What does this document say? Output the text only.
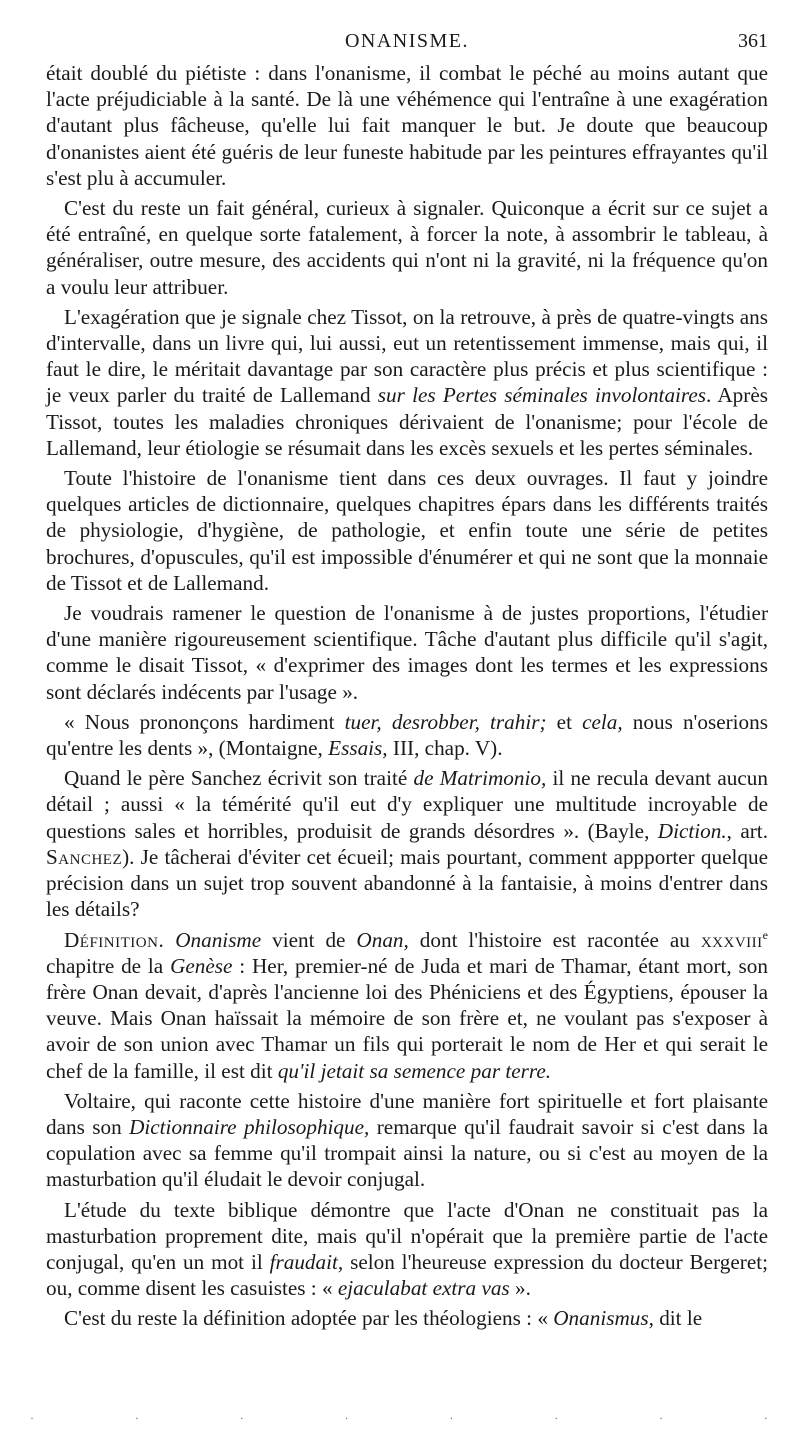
ONANISME.	361

était doublé du piétiste : dans l'onanisme, il combat le péché au moins autant que l'acte préjudiciable à la santé. De là une véhémence qui l'entraîne à une exagération d'autant plus fâcheuse, qu'elle lui fait manquer le but. Je doute que beaucoup d'onanistes aient été guéris de leur funeste habitude par les peintures effrayantes qu'il s'est plu à accumuler.

C'est du reste un fait général, curieux à signaler. Quiconque a écrit sur ce sujet a été entraîné, en quelque sorte fatalement, à forcer la note, à assombrir le tableau, à généraliser, outre mesure, des accidents qui n'ont ni la gravité, ni la fréquence qu'on a voulu leur attribuer.

L'exagération que je signale chez Tissot, on la retrouve, à près de quatre-vingts ans d'intervalle, dans un livre qui, lui aussi, eut un retentissement immense, mais qui, il faut le dire, le méritait davantage par son caractère plus précis et plus scientifique : je veux parler du traité de Lallemand sur les Pertes séminales involontaires. Après Tissot, toutes les maladies chroniques dérivaient de l'onanisme; pour l'école de Lallemand, leur étiologie se résumait dans les excès sexuels et les pertes séminales.

Toute l'histoire de l'onanisme tient dans ces deux ouvrages. Il faut y joindre quelques articles de dictionnaire, quelques chapitres épars dans les différents traités de physiologie, d'hygiène, de pathologie, et enfin toute une série de petites brochures, d'opuscules, qu'il est impossible d'énumérer et qui ne sont que la monnaie de Tissot et de Lallemand.

Je voudrais ramener le question de l'onanisme à de justes proportions, l'étudier d'une manière rigoureusement scientifique. Tâche d'autant plus difficile qu'il s'agit, comme le disait Tissot, « d'exprimer des images dont les termes et les expressions sont déclarés indécents par l'usage ».

« Nous prononçons hardiment tuer, desrobber, trahir; et cela, nous n'oserions qu'entre les dents », (Montaigne, Essais, III, chap. V).

Quand le père Sanchez écrivit son traité de Matrimonio, il ne recula devant aucun détail ; aussi « la témérité qu'il eut d'y expliquer une multitude incroyable de questions sales et horribles, produisit de grands désordres ». (Bayle, Diction., art. Sanchez). Je tâcherai d'éviter cet écueil; mais pourtant, comment appporter quelque précision dans un sujet trop souvent abandonné à la fantaisie, à moins d'entrer dans les détails?

Définition. Onanisme vient de Onan, dont l'histoire est racontée au xxxviii$^e$ chapitre de la Genèse : Her, premier-né de Juda et mari de Thamar, étant mort, son frère Onan devait, d'après l'ancienne loi des Phéniciens et des Égyptiens, épouser la veuve. Mais Onan haïssait la mémoire de son frère et, ne voulant pas s'exposer à avoir de son union avec Thamar un fils qui porterait le nom de Her et qui serait le chef de la famille, il est dit qu'il jetait sa semence par terre.

Voltaire, qui raconte cette histoire d'une manière fort spirituelle et fort plaisante dans son Dictionnaire philosophique, remarque qu'il faudrait savoir si c'est dans la copulation avec sa femme qu'il trompait ainsi la nature, ou si c'est au moyen de la masturbation qu'il éludait le devoir conjugal.

L'étude du texte biblique démontre que l'acte d'Onan ne constituait pas la masturbation proprement dite, mais qu'il n'opérait que la première partie de l'acte conjugal, qu'en un mot il fraudait, selon l'heureuse expression du docteur Bergeret; ou, comme disent les casuistes : « ejaculabat extra vas ».

C'est du reste la définition adoptée par les théologiens : « Onanismus, dit le

·	·	·	·	·	·	·	·
